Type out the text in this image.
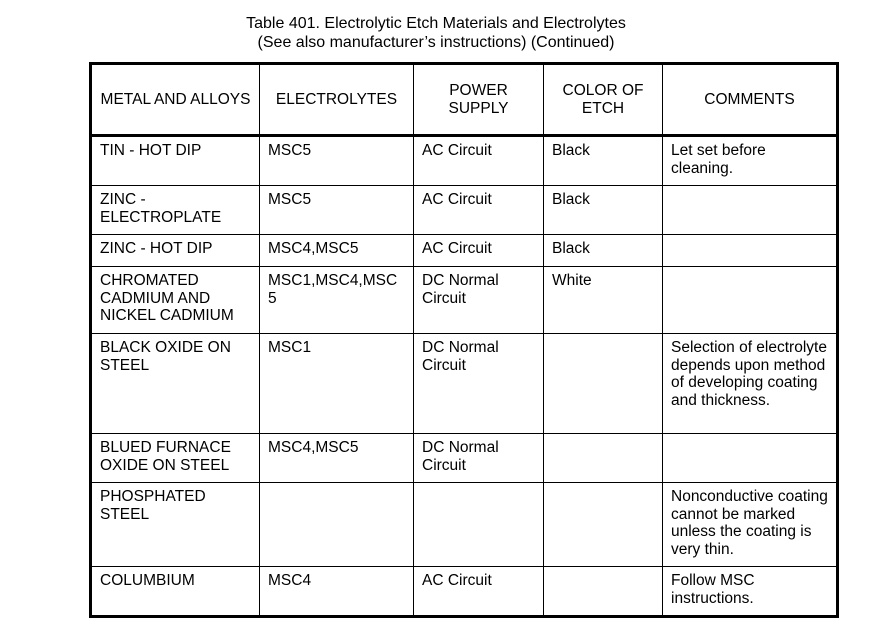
Table 401. Electrolytic Etch Materials and Electrolytes
(See also manufacturer’s instructions) (Continued)
METAL AND ALLOYS	ELECTROLYTES	POWER SUPPLY	COLOR OF ETCH	COMMENTS
TIN - HOT DIP	MSC5	AC Circuit	Black	Let set before cleaning.
ZINC - ELECTROPLATE	MSC5	AC Circuit	Black	
ZINC - HOT DIP	MSC4,MSC5	AC Circuit	Black	
CHROMATED CADMIUM AND NICKEL CADMIUM	MSC1,MSC4,MSC5	DC Normal Circuit	White	
BLACK OXIDE ON STEEL	MSC1	DC Normal Circuit		Selection of electrolyte depends upon method of developing coating and thickness.
BLUED FURNACE OXIDE ON STEEL	MSC4,MSC5	DC Normal Circuit		
PHOSPHATED STEEL				Nonconductive coating cannot be marked unless the coating is very thin.
COLUMBIUM	MSC4	AC Circuit		Follow MSC instructions.
